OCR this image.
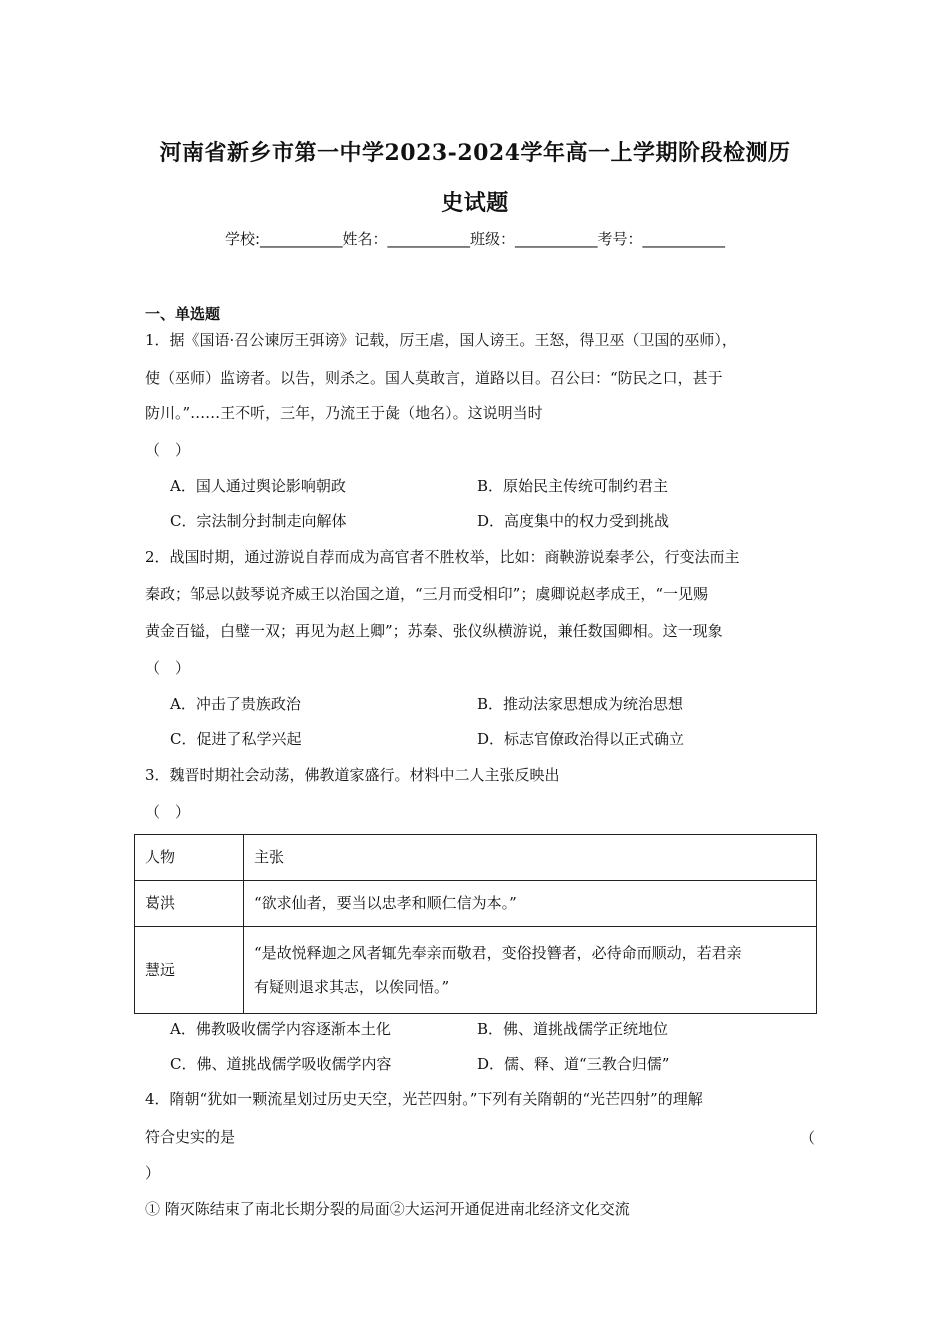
河南省新乡市第一中学2023-2024学年高一上学期阶段检测历
史试题
学校:___________姓名：___________班级：___________考号：___________
一、单选题
1．据《国语·召公谏厉王弭谤》记载，厉王虐，国人谤王。王怒，得卫巫（卫国的巫师），
使（巫师）监谤者。以告，则杀之。国人莫敢言，道路以目。召公曰：“防民之口，甚于
防川。”……王不听，三年，乃流王于彘（地名）。这说明当时
（　）
A．国人通过舆论影响朝政	B．原始民主传统可制约君主
C．宗法制分封制走向解体	D．高度集中的权力受到挑战
2．战国时期，通过游说自荐而成为高官者不胜枚举，比如：商鞅游说秦孝公，行变法而主
秦政；邹忌以鼓琴说齐威王以治国之道，“三月而受相印”；虞卿说赵孝成王，“一见赐
黄金百镒，白璧一双；再见为赵上卿”；苏秦、张仪纵横游说，兼任数国卿相。这一现象
（　）
A．冲击了贵族政治	B．推动法家思想成为统治思想
C．促进了私学兴起	D．标志官僚政治得以正式确立
3．魏晋时期社会动荡，佛教道家盛行。材料中二人主张反映出
（　）
人物	主张
葛洪	“欲求仙者，要当以忠孝和顺仁信为本。”
慧远	“是故悦释迦之风者辄先奉亲而敬君，变俗投簪者，必待命而顺动，若君亲
有疑则退求其志，以俟同悟。”
A．佛教吸收儒学内容逐渐本土化	B．佛、道挑战儒学正统地位
C．佛、道挑战儒学吸收儒学内容	D．儒、释、道“三教合归儒”
4．隋朝“犹如一颗流星划过历史天空，光芒四射。”下列有关隋朝的“光芒四射”的理解
符合史实的是	（
）
① 隋灭陈结束了南北长期分裂的局面②大运河开通促进南北经济文化交流
